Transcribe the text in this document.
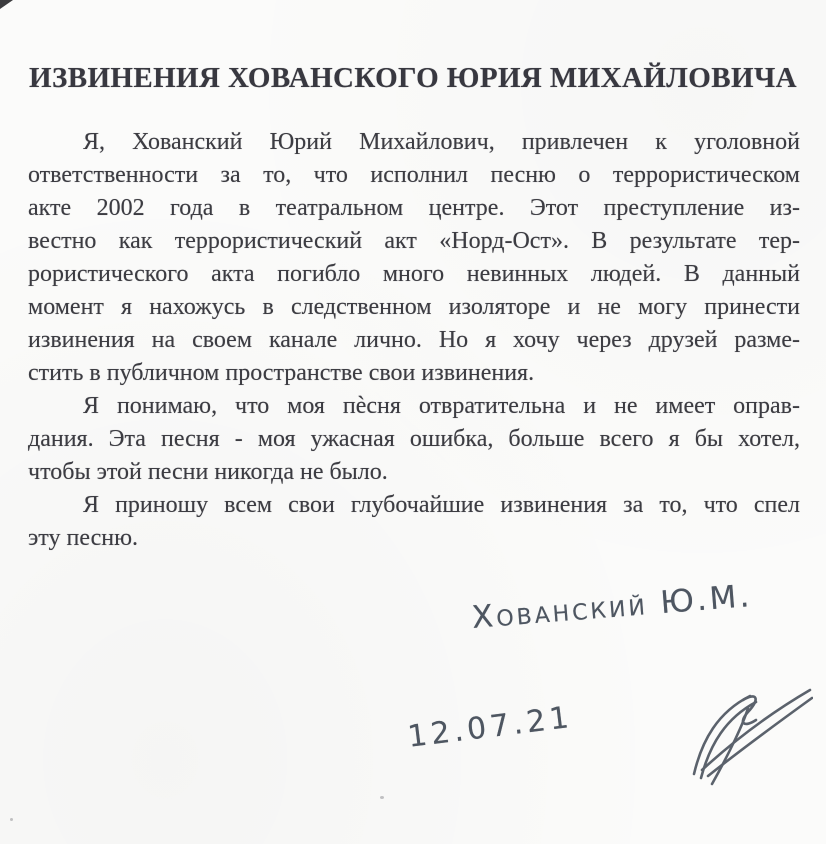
ИЗВИНЕНИЯ ХОВАНСКОГО ЮРИЯ МИХАЙЛОВИЧА
Я, Хованский Юрий Михайлович, привлечен к уголовной
ответственности за то, что исполнил песню о террористическом
акте 2002 года в театральном центре. Этот преступление из-
вестно как террористический акт «Норд-Ост». В результате тер-
рористического акта погибло много невинных людей. В данный
момент я нахожусь в следственном изоляторе и не могу принести
извинения на своем канале лично. Но я хочу через друзей разме-
стить в публичном пространстве свои извинения.
Я понимаю, что моя пѐсня отвратительна и не имеет оправ-
дания. Эта песня - моя ужасная ошибка, больше всего я бы хотел,
чтобы этой песни никогда не было.
Я приношу всем свои глубочайшие извинения за то, что спел
эту песню.
Хованский Ю.М.
12.07.21
